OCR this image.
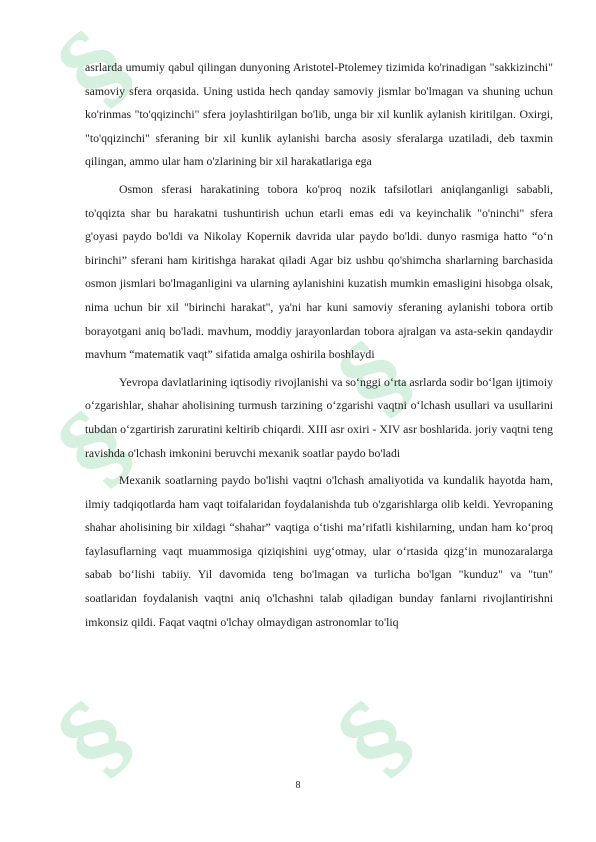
§
§
§
§
§

asrlarda umumiy qabul qilingan dunyoning Aristotel-Ptolemey tizimida ko'rinadigan "sakkizinchi" samoviy sfera orqasida. Uning ustida hech qanday samoviy jismlar bo'lmagan va shuning uchun ko'rinmas "to'qqizinchi" sfera joylashtirilgan bo'lib, unga bir xil kunlik aylanish kiritilgan. Oxirgi, "to'qqizinchi" sferaning bir xil kunlik aylanishi barcha asosiy sferalarga uzatiladi, deb taxmin qilingan, ammo ular ham o'zlarining bir xil harakatlariga ega

Osmon sferasi harakatining tobora ko'proq nozik tafsilotlari aniqlanganligi sababli, to'qqizta shar bu harakatni tushuntirish uchun etarli emas edi va keyinchalik "o'ninchi" sfera g'oyasi paydo bo'ldi va Nikolay Kopernik davrida ular paydo bo'ldi. dunyo rasmiga hatto “o‘n birinchi” sferani ham kiritishga harakat qiladi Agar biz ushbu qo'shimcha sharlarning barchasida osmon jismlari bo'lmaganligini va ularning aylanishini kuzatish mumkin emasligini hisobga olsak, nima uchun bir xil "birinchi harakat", ya'ni har kuni samoviy sferaning aylanishi tobora ortib borayotgani aniq bo'ladi. mavhum, moddiy jarayonlardan tobora ajralgan va asta-sekin qandaydir mavhum “matematik vaqt” sifatida amalga oshirila boshlaydi

Yevropa davlatlarining iqtisodiy rivojlanishi va so‘nggi o‘rta asrlarda sodir bo‘lgan ijtimoiy o‘zgarishlar, shahar aholisining turmush tarzining o‘zgarishi vaqtni o‘lchash usullari va usullarini tubdan o‘zgartirish zaruratini keltirib chiqardi. XIII asr oxiri - XIV asr boshlarida. joriy vaqtni teng ravishda o'lchash imkonini beruvchi mexanik soatlar paydo bo'ladi

Mexanik soatlarning paydo bo'lishi vaqtni o'lchash amaliyotida va kundalik hayotda ham, ilmiy tadqiqotlarda ham vaqt toifalaridan foydalanishda tub o'zgarishlarga olib keldi. Yevropaning shahar aholisining bir xildagi “shahar” vaqtiga o‘tishi ma’rifatli kishilarning, undan ham ko‘proq faylasuflarning vaqt muammosiga qiziqishini uyg‘otmay, ular o‘rtasida qizg‘in munozaralarga sabab bo‘lishi tabiiy. Yil davomida teng bo'lmagan va turlicha bo'lgan "kunduz" va "tun" soatlaridan foydalanish vaqtni aniq o'lchashni talab qiladigan bunday fanlarni rivojlantirishni imkonsiz qildi. Faqat vaqtni o'lchay olmaydigan astronomlar to'liq

8
